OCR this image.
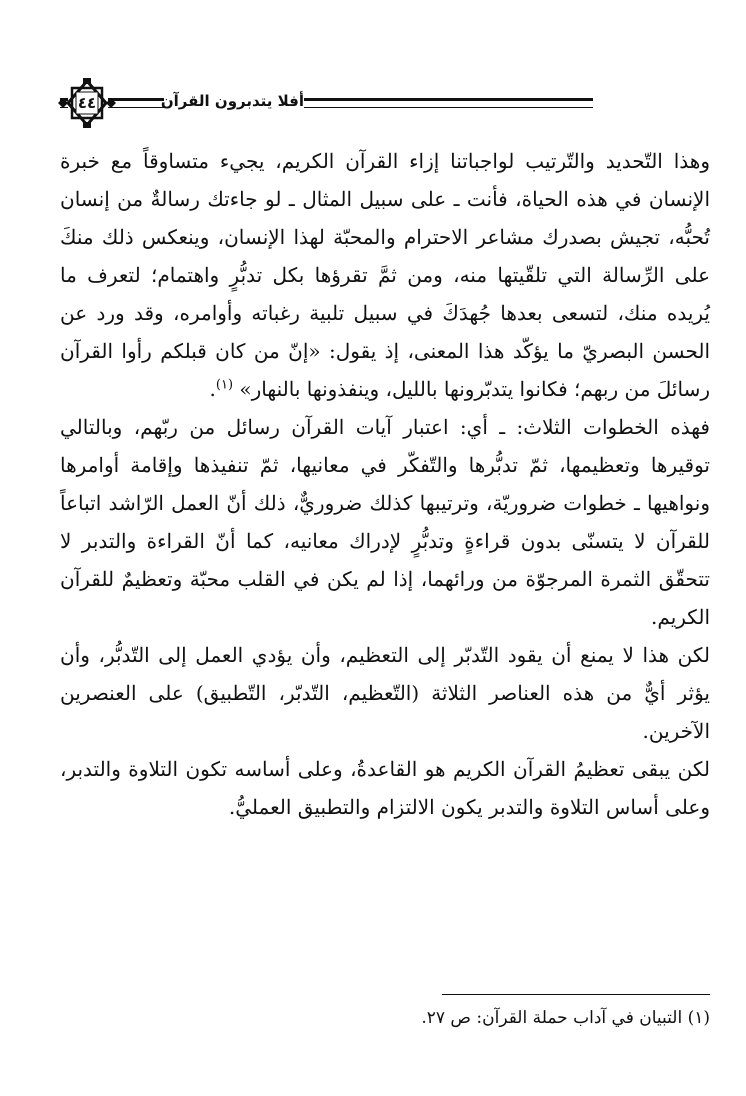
أفلا يتدبرون القرآن
٤٤

وهذا التّحديد والتّرتيب لواجباتنا إزاء القرآن الكريم، يجيء متساوقاً مع خبرة الإنسان في هذه الحياة، فأنت ـ على سبيل المثال ـ لو جاءتك رسالةٌ من إنسان تُحبُّه، تجيش بصدرك مشاعر الاحترام والمحبّة لهذا الإنسان، وينعكس ذلك منكَ على الرِّسالة التي تلقّيتها منه، ومن ثمَّ تقرؤها بكل تدبُّرٍ واهتمام؛ لتعرف ما يُريده منك، لتسعى بعدها جُهدَكَ في سبيل تلبية رغباته وأوامره، وقد ورد عن الحسن البصريّ ما يؤكّد هذا المعنى، إذ يقول: «إنّ من كان قبلكم رأوا القرآن رسائلَ من ربهم؛ فكانوا يتدبّرونها بالليل، وينفذونها بالنهار» $^{(١)}$.

فهذه الخطوات الثلاث: ـ أي: اعتبار آيات القرآن رسائل من ربّهم، وبالتالي توقيرها وتعظيمها، ثمّ تدبُّرها والتّفكّر في معانيها، ثمّ تنفيذها وإقامة أوامرها ونواهيها ـ خطوات ضروريّة، وترتيبها كذلك ضروريٌّ، ذلك أنّ العمل الرّاشد اتباعاً للقرآن لا يتسنّى بدون قراءةٍ وتدبُّرٍ لإدراك معانيه، كما أنّ القراءة والتدبر لا تتحقّق الثمرة المرجوّة من ورائهما، إذا لم يكن في القلب محبّة وتعظيمٌ للقرآن الكريم.

لكن هذا لا يمنع أن يقود التّدبّر إلى التعظيم، وأن يؤدي العمل إلى التّدبُّر، وأن يؤثر أيٌّ من هذه العناصر الثلاثة (التّعظيم، التّدبّر، التّطبيق) على العنصرين الآخرين.

لكن يبقى تعظيمُ القرآن الكريم هو القاعدةُ، وعلى أساسه تكون التلاوة والتدبر، وعلى أساس التلاوة والتدبر يكون الالتزام والتطبيق العمليُّ.

(١) التبيان في آداب حملة القرآن: ص ٢٧.
